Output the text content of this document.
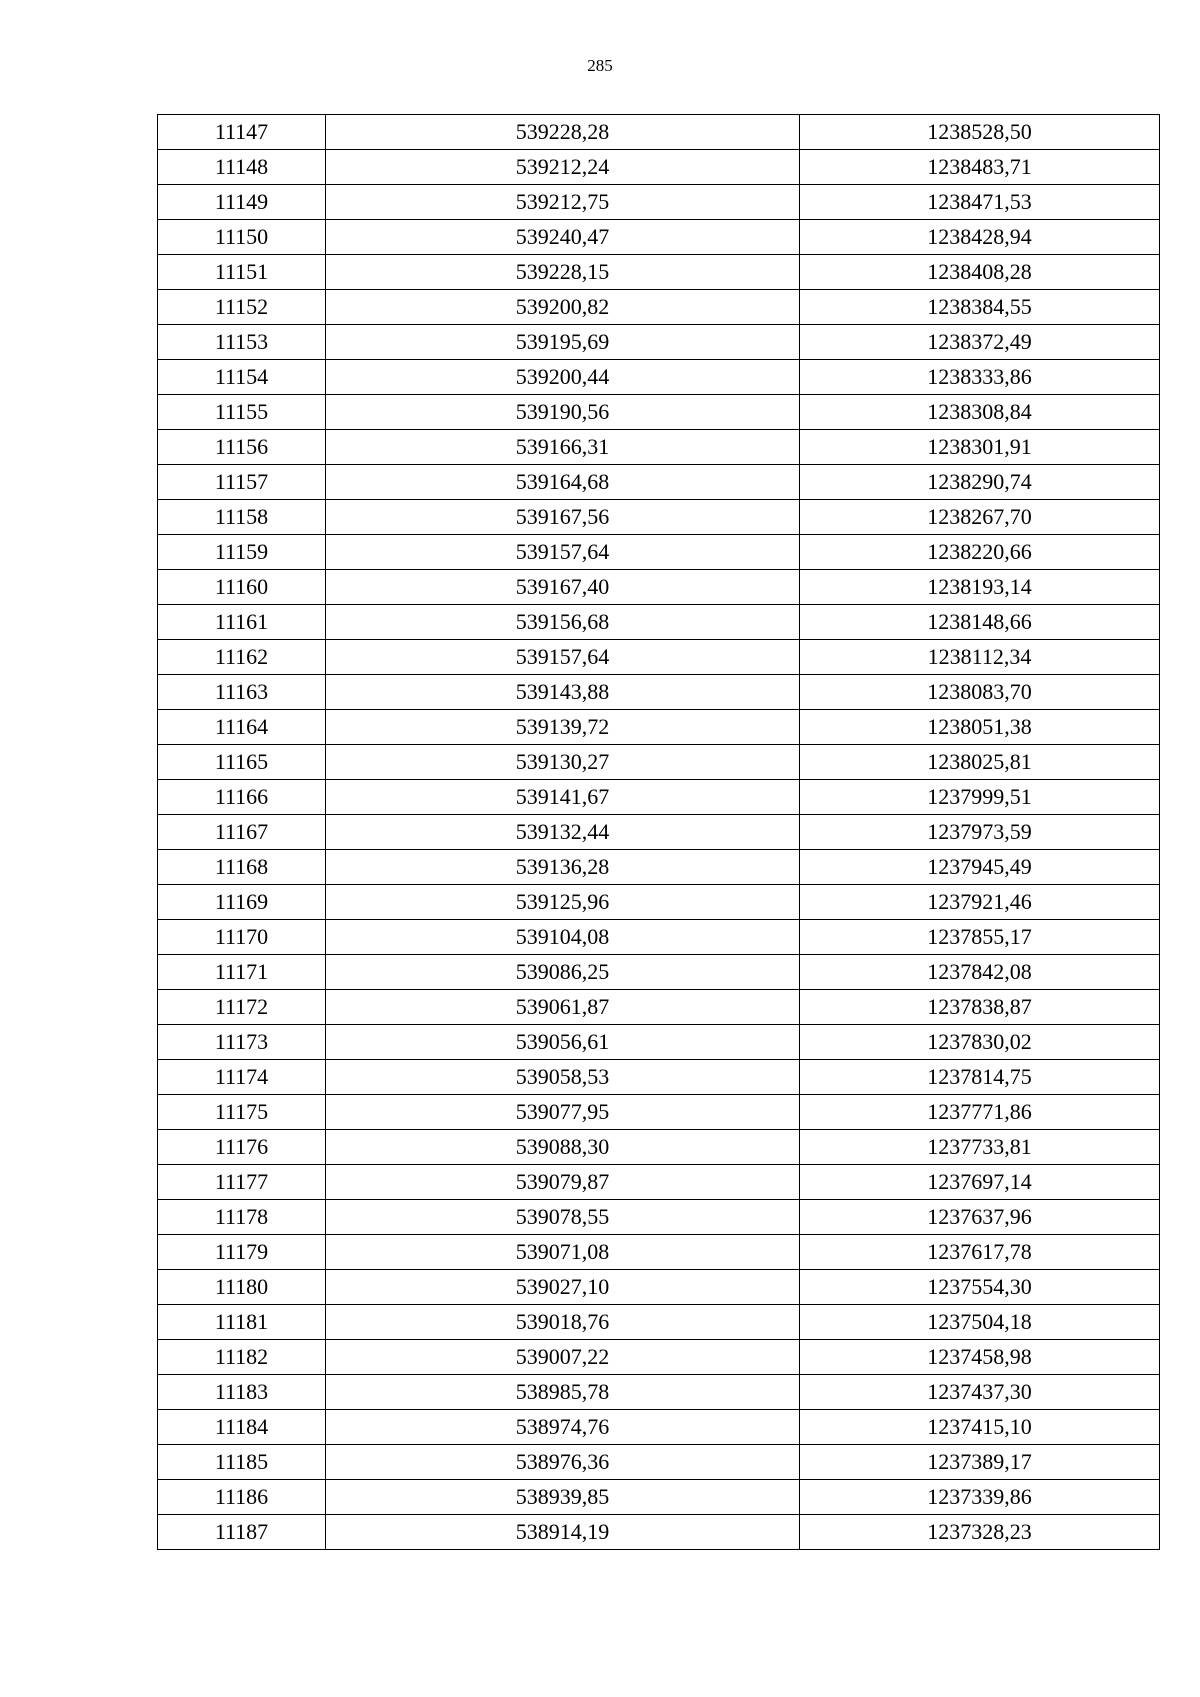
285
11147	539228,28	1238528,50
11148	539212,24	1238483,71
11149	539212,75	1238471,53
11150	539240,47	1238428,94
11151	539228,15	1238408,28
11152	539200,82	1238384,55
11153	539195,69	1238372,49
11154	539200,44	1238333,86
11155	539190,56	1238308,84
11156	539166,31	1238301,91
11157	539164,68	1238290,74
11158	539167,56	1238267,70
11159	539157,64	1238220,66
11160	539167,40	1238193,14
11161	539156,68	1238148,66
11162	539157,64	1238112,34
11163	539143,88	1238083,70
11164	539139,72	1238051,38
11165	539130,27	1238025,81
11166	539141,67	1237999,51
11167	539132,44	1237973,59
11168	539136,28	1237945,49
11169	539125,96	1237921,46
11170	539104,08	1237855,17
11171	539086,25	1237842,08
11172	539061,87	1237838,87
11173	539056,61	1237830,02
11174	539058,53	1237814,75
11175	539077,95	1237771,86
11176	539088,30	1237733,81
11177	539079,87	1237697,14
11178	539078,55	1237637,96
11179	539071,08	1237617,78
11180	539027,10	1237554,30
11181	539018,76	1237504,18
11182	539007,22	1237458,98
11183	538985,78	1237437,30
11184	538974,76	1237415,10
11185	538976,36	1237389,17
11186	538939,85	1237339,86
11187	538914,19	1237328,23
